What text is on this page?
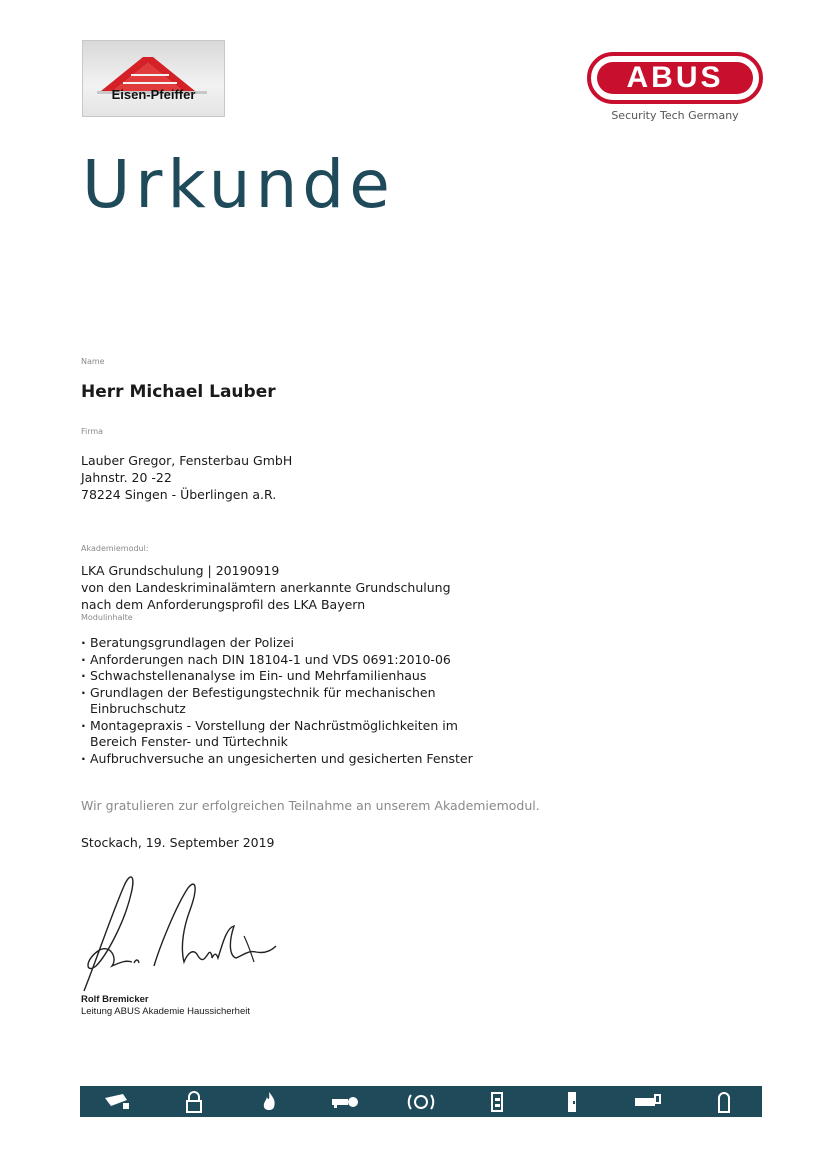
Eisen-Pfeiffer
ABUS
Security Tech Germany
Urkunde
Name
Herr Michael Lauber
Firma
Lauber Gregor, Fensterbau GmbH
Jahnstr. 20 -22
78224 Singen - Überlingen a.R.
Akademiemodul:
LKA Grundschulung | 20190919
von den Landeskriminalämtern anerkannte Grundschulung
nach dem Anforderungsprofil des LKA Bayern
Modulinhalte
· Beratungsgrundlagen der Polizei
· Anforderungen nach DIN 18104-1 und VDS 0691:2010-06
· Schwachstellenanalyse im Ein- und Mehrfamilienhaus
· Grundlagen der Befestigungstechnik für mechanischen
Einbruchschutz
· Montagepraxis - Vorstellung der Nachrüstmöglichkeiten im
Bereich Fenster- und Türtechnik
· Aufbruchversuche an ungesicherten und gesicherten Fenster
Wir gratulieren zur erfolgreichen Teilnahme an unserem Akademiemodul.
Stockach, 19. September 2019
Rolf Bremicker
Leitung ABUS Akademie Haussicherheit
